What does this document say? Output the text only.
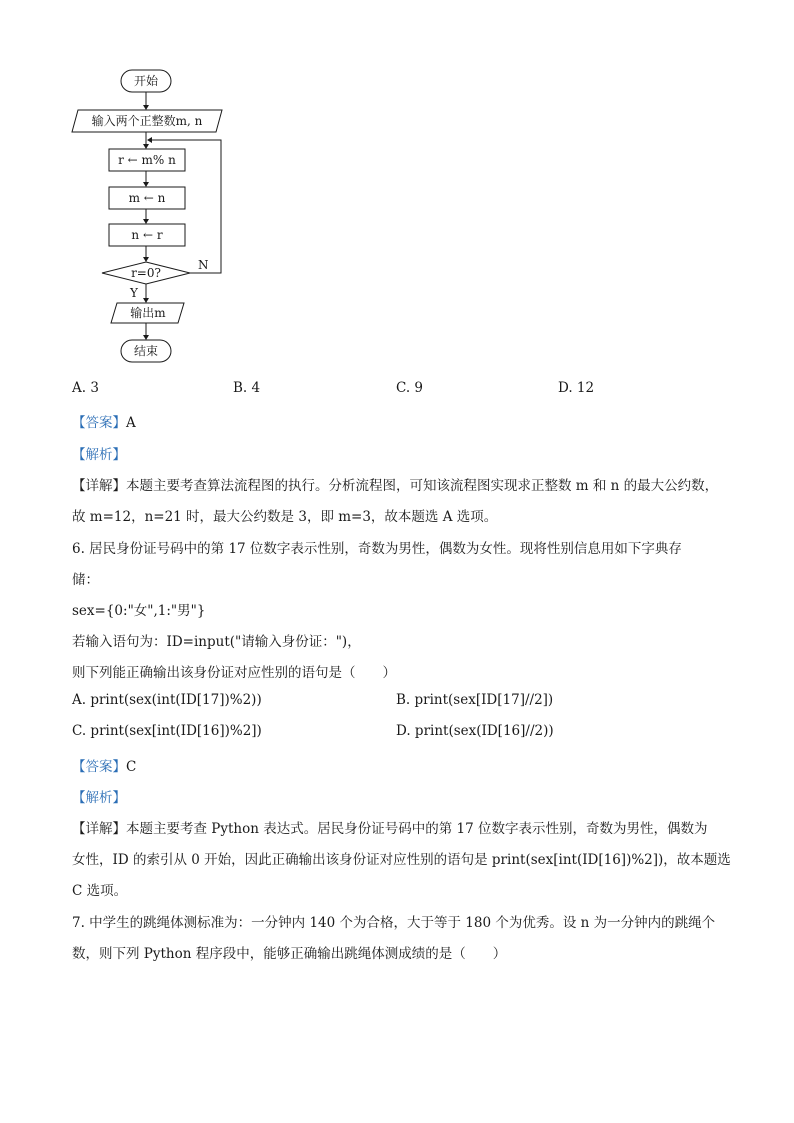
开始
输入两个正整数m, n
r ← m% n
m ← n
n ← r
r=0?
N
Y
输出m
结束
A. 3	B. 4	C. 9	D. 12
【答案】A
【解析】
【详解】本题主要考查算法流程图的执行。分析流程图，可知该流程图实现求正整数 m 和 n 的最大公约数，
故 m=12，n=21 时，最大公约数是 3，即 m=3，故本题选 A 选项。
6. 居民身份证号码中的第 17 位数字表示性别，奇数为男性，偶数为女性。现将性别信息用如下字典存
储：
sex={0:"女",1:"男"}
若输入语句为：ID=input("请输入身份证：")，
则下列能正确输出该身份证对应性别的语句是（　　）
A. print(sex(int(ID[17])%2))	B. print(sex[ID[17]//2])
C. print(sex[int(ID[16])%2])	D. print(sex(ID[16]//2))
【答案】C
【解析】
【详解】本题主要考查 Python 表达式。居民身份证号码中的第 17 位数字表示性别，奇数为男性，偶数为
女性，ID 的索引从 0 开始，因此正确输出该身份证对应性别的语句是 print(sex[int(ID[16])%2])，故本题选
C 选项。
7. 中学生的跳绳体测标准为：一分钟内 140 个为合格，大于等于 180 个为优秀。设 n 为一分钟内的跳绳个
数，则下列 Python 程序段中，能够正确输出跳绳体测成绩的是（　　）
